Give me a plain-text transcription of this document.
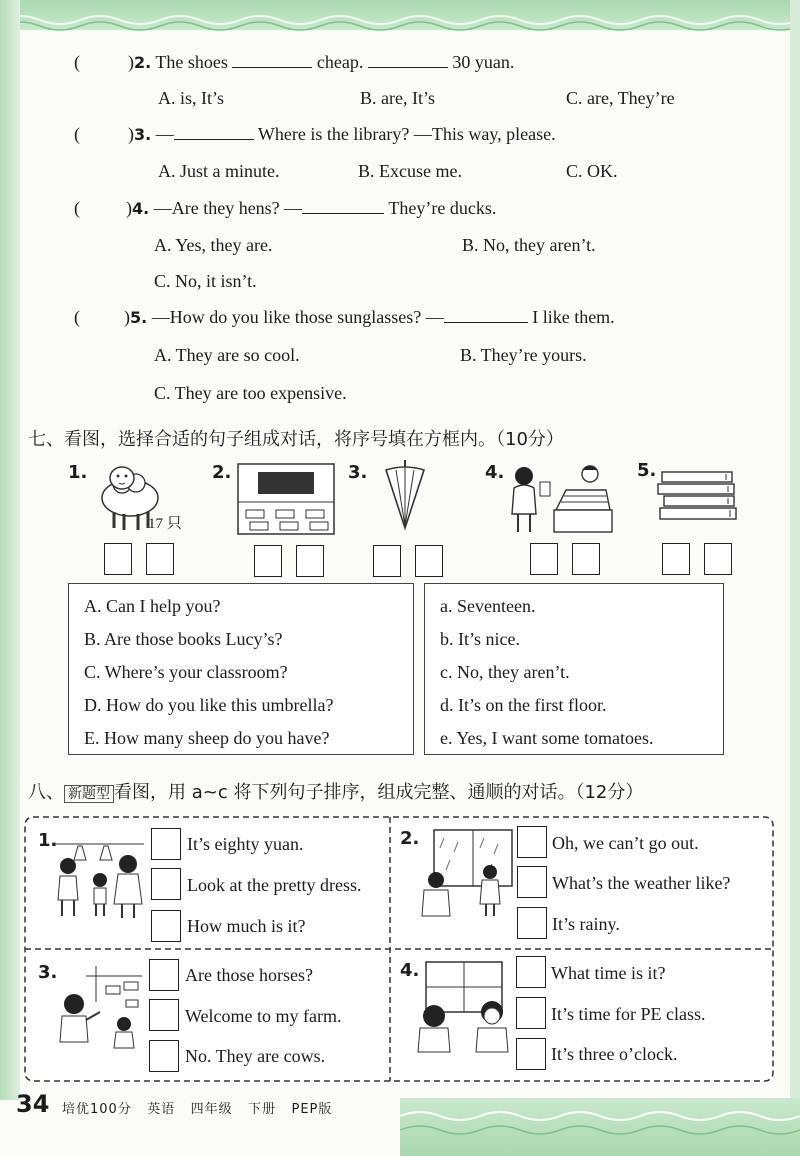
(	) 2. The shoes	cheap.	30 yuan.
A. is, It’s	B. are, It’s	C. are, They’re
(	) 3. —	Where is the library? —This way, please.
A. Just a minute.	B. Excuse me.	C. OK.
(	) 4. —Are they hens? —	They’re ducks.
A. Yes, they are.	B. No, they aren’t.
C. No, it isn’t.
( ) 5. —How do you like those sunglasses? —	I like them.
A. They are so cool.	B. They’re yours.
C. They are too expensive.
七、看图，选择合适的句子组成对话，将序号填在方框内。（10分）
1.
17 只
2.	3.	4.	5.
A. Can I help you?
B. Are those books Lucy’s?
C. Where’s your classroom?
D. How do you like this umbrella?
E. How many sheep do you have?
a. Seventeen.
b. It’s nice.
c. No, they aren’t.
d. It’s on the first floor.
e. Yes, I want some tomatoes.
八、 新题型 看图，用 a~c 将下列句子排序，组成完整、通顺的对话。（12分）
1.	It’s eighty yuan.
Look at the pretty dress.
How much is it?
2.	Oh, we can’t go out.
What’s the weather like?
It’s rainy.
3.	Are those horses?
Welcome to my farm.
No. They are cows.
4.	What time is it?
It’s time for PE class.
It’s three o’clock.
34 培优100分 英语 四年级 下册 PEP版
